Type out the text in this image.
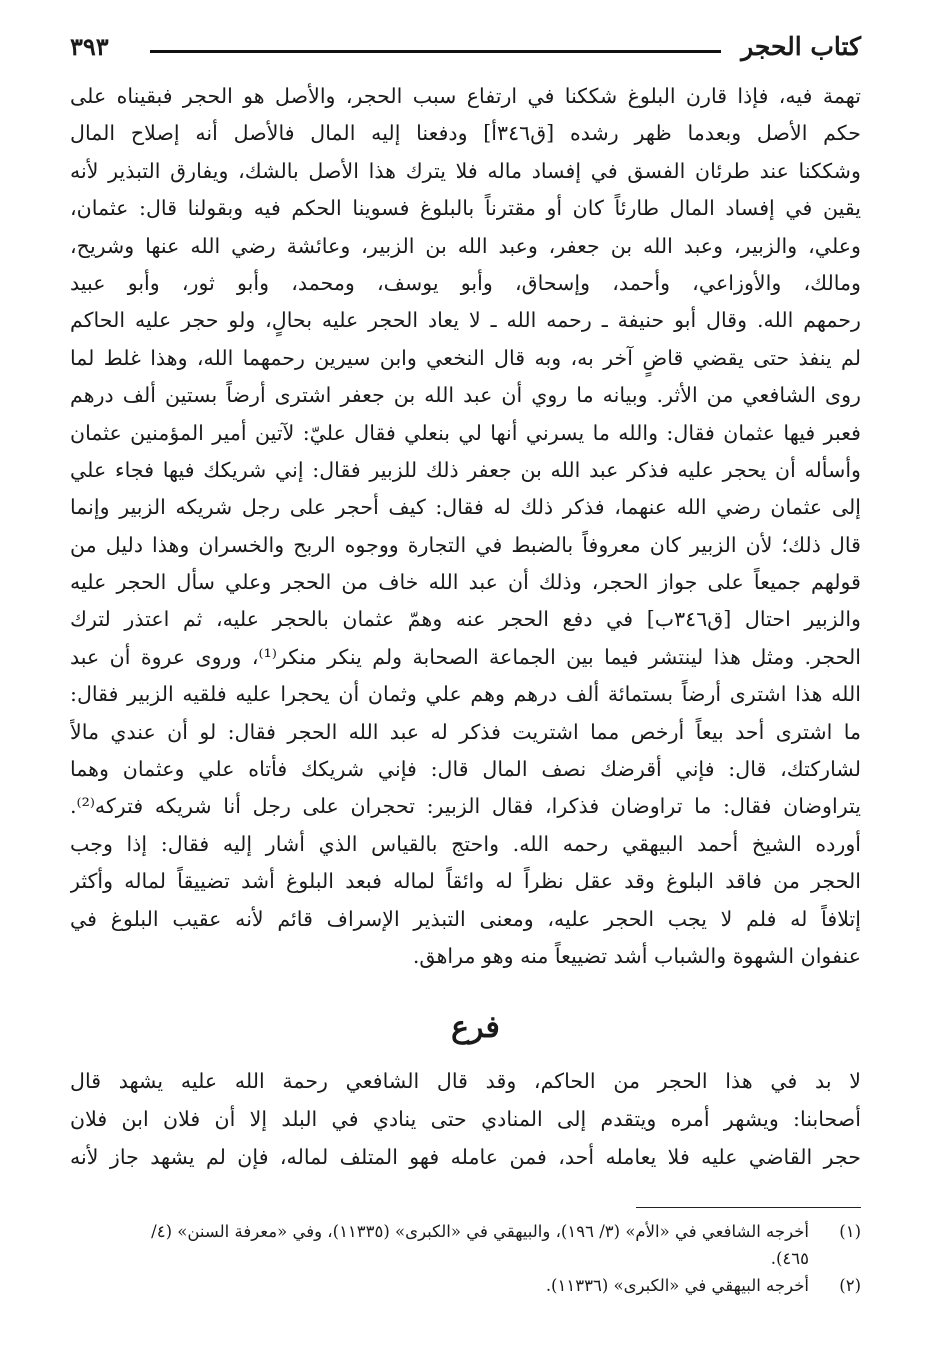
كتاب الحجر
٣٩٣
تهمة فيه، فإذا قارن البلوغ شككنا في ارتفاع سبب الحجر، والأصل هو الحجر فبقيناه على
حكم الأصل وبعدما ظهر رشده [ق٣٤٦أ] ودفعنا إليه المال فالأصل أنه إصلاح المال
وشككنا عند طرئان الفسق في إفساد ماله فلا يترك هذا الأصل بالشك، ويفارق التبذير لأنه
يقين في إفساد المال طارئاً كان أو مقترناً بالبلوغ فسوينا الحكم فيه وبقولنا قال: عثمان،
وعلي، والزبير، وعبد الله بن جعفر، وعبد الله بن الزبير، وعائشة رضي الله عنها وشريح،
ومالك، والأوزاعي، وأحمد، وإسحاق، وأبو يوسف، ومحمد، وأبو ثور، وأبو عبيد
رحمهم الله. وقال أبو حنيفة ـ رحمه الله ـ لا يعاد الحجر عليه بحالٍ، ولو حجر عليه الحاكم
لم ينفذ حتى يقضي قاضٍ آخر به، وبه قال النخعي وابن سيرين رحمهما الله، وهذا غلط لما
روى الشافعي من الأثر. وبيانه ما روي أن عبد الله بن جعفر اشترى أرضاً بستين ألف درهم
فعبر فيها عثمان فقال: والله ما يسرني أنها لي بنعلي فقال عليّ: لآتين أمير المؤمنين عثمان
وأسأله أن يحجر عليه فذكر عبد الله بن جعفر ذلك للزبير فقال: إني شريكك فيها فجاء علي
إلى عثمان رضي الله عنهما، فذكر ذلك له فقال: كيف أحجر على رجل شريكه الزبير وإنما
قال ذلك؛ لأن الزبير كان معروفاً بالضبط في التجارة ووجوه الربح والخسران وهذا دليل من
قولهم جميعاً على جواز الحجر، وذلك أن عبد الله خاف من الحجر وعلي سأل الحجر عليه
والزبير احتال [ق٣٤٦ب] في دفع الحجر عنه وهمّ عثمان بالحجر عليه، ثم اعتذر لترك
الحجر. ومثل هذا لينتشر فيما بين الجماعة الصحابة ولم ينكر منكر⁽¹⁾، وروى عروة أن عبد
الله هذا اشترى أرضاً بستمائة ألف درهم وهم علي وثمان أن يحجرا عليه فلقيه الزبير فقال:
ما اشترى أحد بيعاً أرخص مما اشتريت فذكر له عبد الله الحجر فقال: لو أن عندي مالاً
لشاركتك، قال: فإني أقرضك نصف المال قال: فإني شريكك فأتاه علي وعثمان وهما
يتراوضان فقال: ما تراوضان فذكرا، فقال الزبير: تحجران على رجل أنا شريكه فتركه⁽²⁾.
أورده الشيخ أحمد البيهقي رحمه الله. واحتج بالقياس الذي أشار إليه فقال: إذا وجب
الحجر من فاقد البلوغ وقد عقل نظراً له وائقاً لماله فبعد البلوغ أشد تضييقاً لماله وأكثر
إتلافاً له فلم لا يجب الحجر عليه، ومعنى التبذير الإسراف قائم لأنه عقيب البلوغ في
عنفوان الشهوة والشباب أشد تضييعاً منه وهو مراهق.
فرع
لا بد في هذا الحجر من الحاكم، وقد قال الشافعي رحمة الله عليه يشهد قال
أصحابنا: ويشهر أمره ويتقدم إلى المنادي حتى ينادي في البلد إلا أن فلان ابن فلان
حجر القاضي عليه فلا يعامله أحد، فمن عامله فهو المتلف لماله، فإن لم يشهد جاز لأنه
(١)أخرجه الشافعي في «الأم» (٣/ ١٩٦)، والبيهقي في «الكبرى» (١١٣٣٥)، وفي «معرفة السنن» (٤/
٤٦٥).
(٢)أخرجه البيهقي في «الكبرى» (١١٣٣٦).
